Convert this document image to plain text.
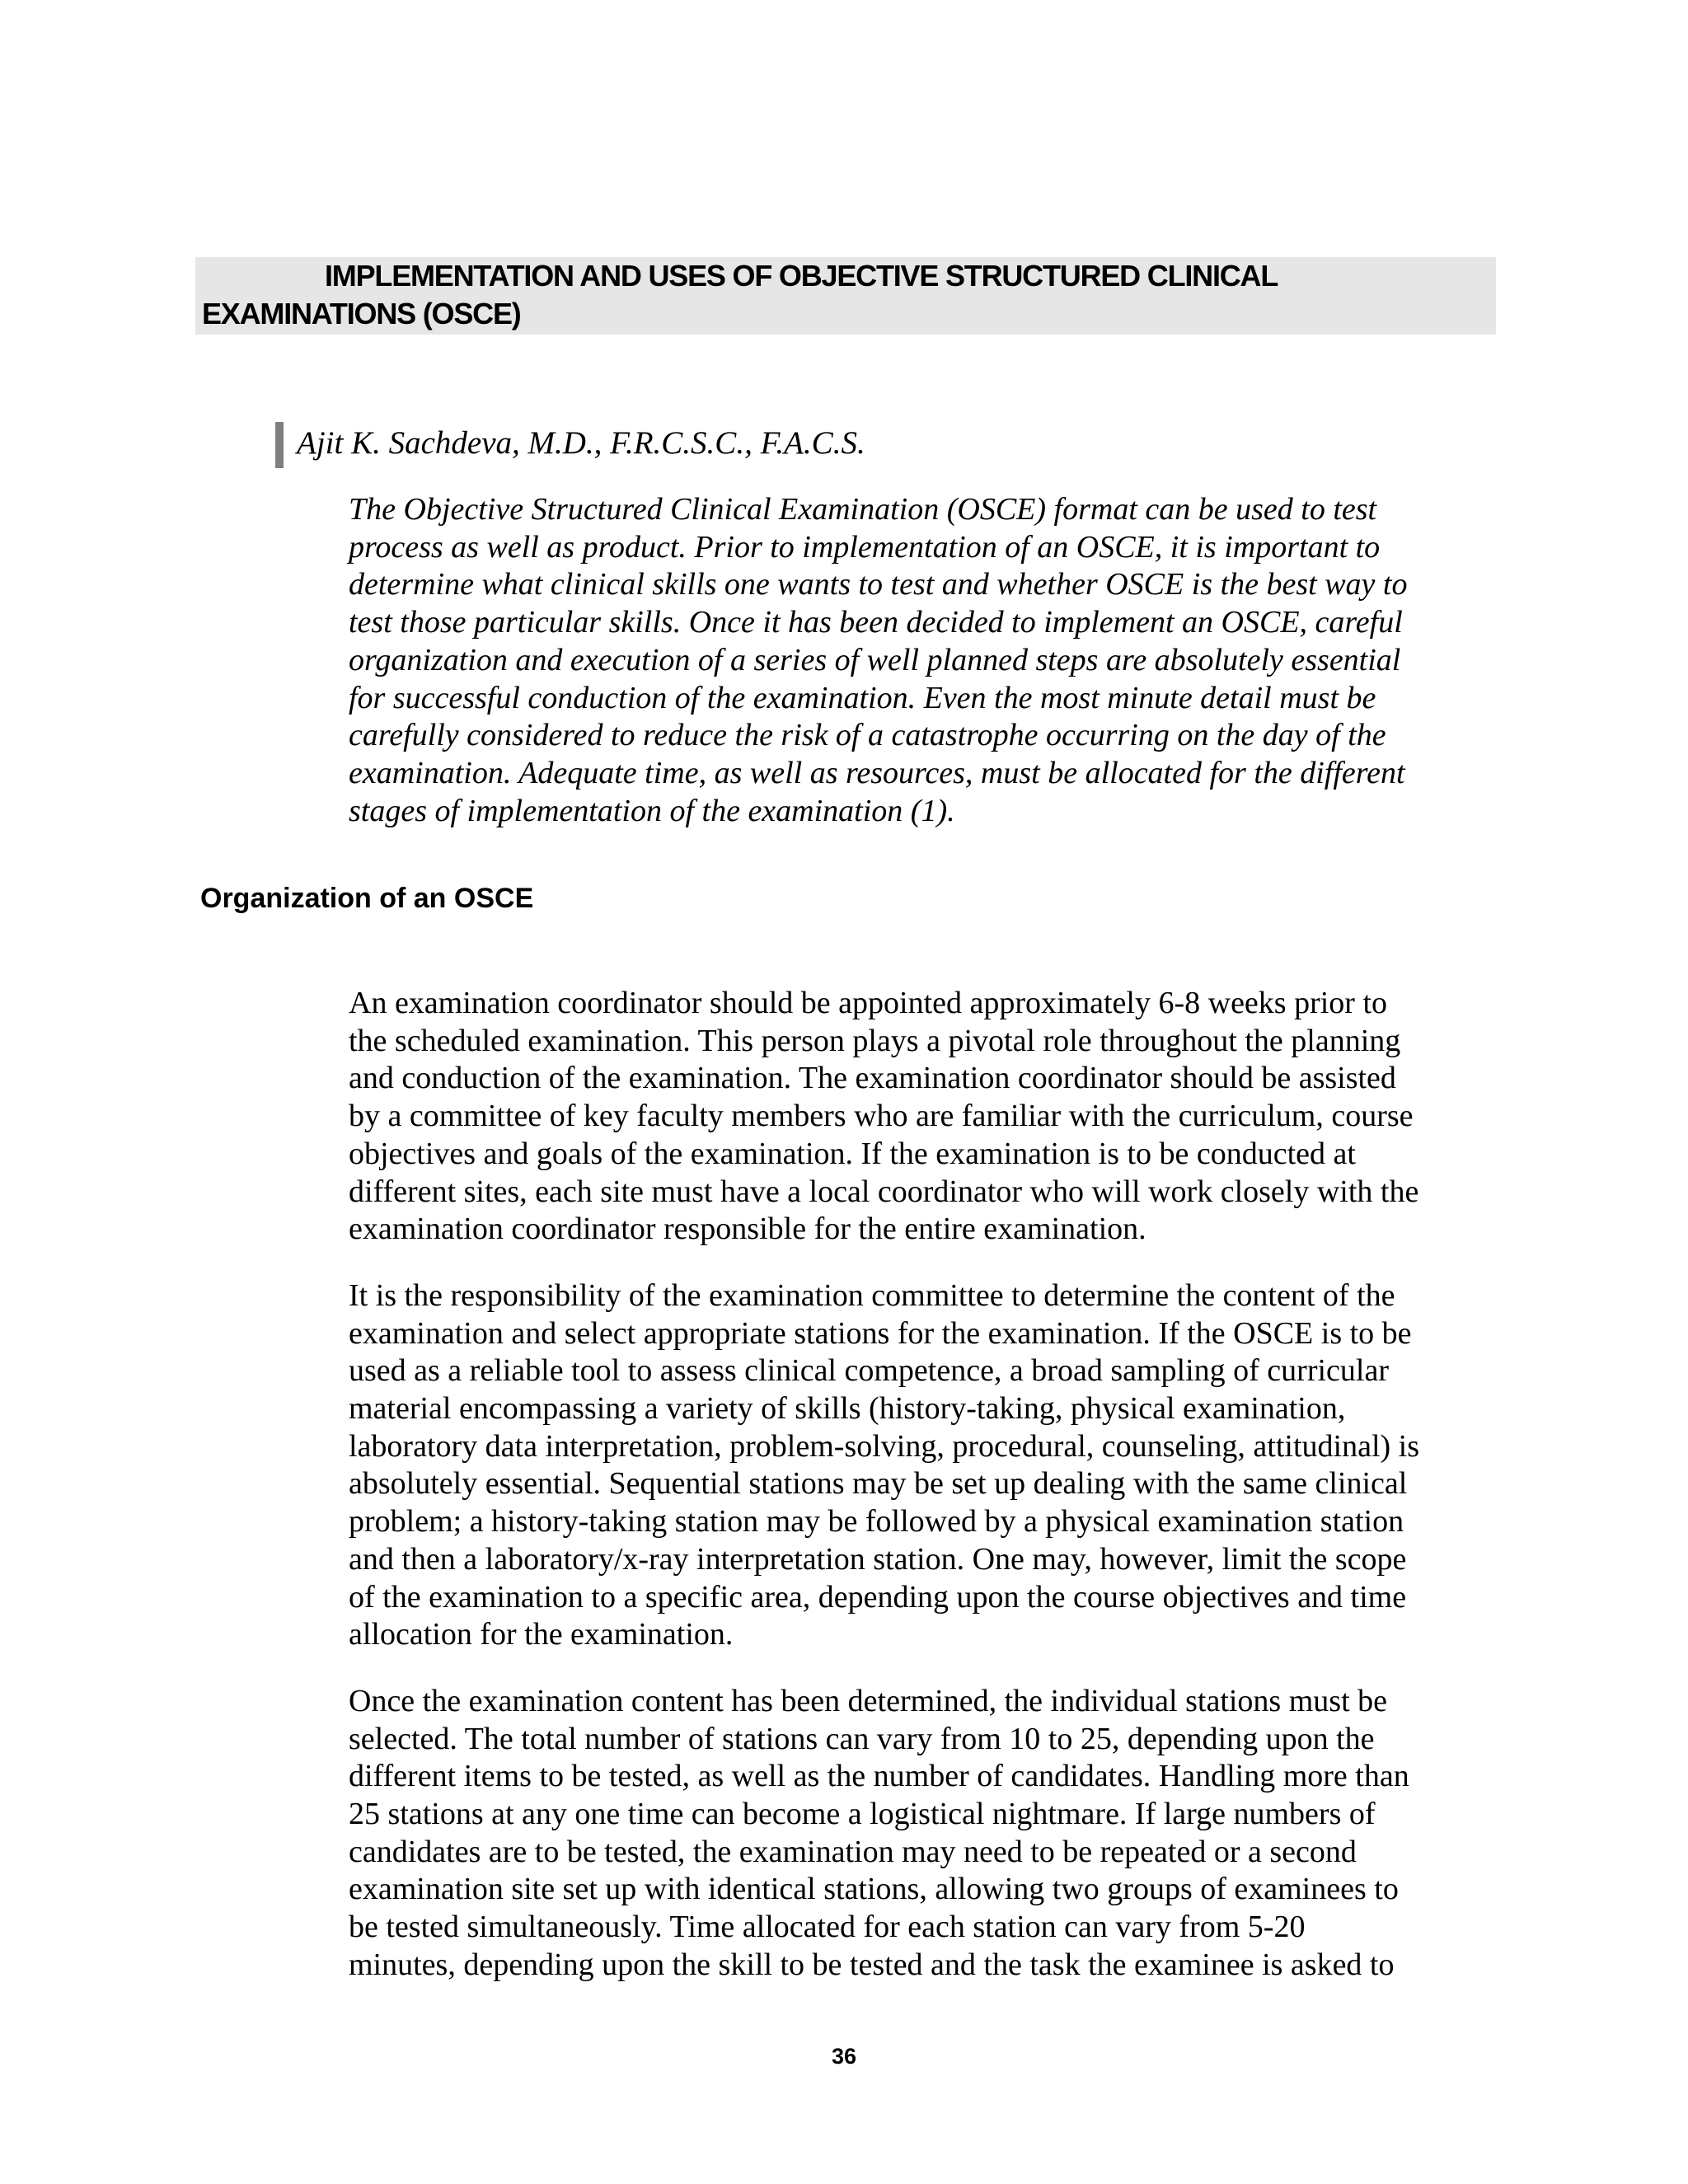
IMPLEMENTATION AND USES OF OBJECTIVE STRUCTURED CLINICAL
EXAMINATIONS (OSCE)
Ajit K. Sachdeva, M.D., F.R.C.S.C., F.A.C.S.
The Objective Structured Clinical Examination (OSCE) format can be used to test
process as well as product. Prior to implementation of an OSCE, it is important to
determine what clinical skills one wants to test and whether OSCE is the best way to
test those particular skills. Once it has been decided to implement an OSCE, careful
organization and execution of a series of well planned steps are absolutely essential
for successful conduction of the examination. Even the most minute detail must be
carefully considered to reduce the risk of a catastrophe occurring on the day of the
examination. Adequate time, as well as resources, must be allocated for the different
stages of implementation of the examination (1).
Organization of an OSCE
An examination coordinator should be appointed approximately 6-8 weeks prior to
the scheduled examination. This person plays a pivotal role throughout the planning
and conduction of the examination. The examination coordinator should be assisted
by a committee of key faculty members who are familiar with the curriculum, course
objectives and goals of the examination. If the examination is to be conducted at
different sites, each site must have a local coordinator who will work closely with the
examination coordinator responsible for the entire examination.
It is the responsibility of the examination committee to determine the content of the
examination and select appropriate stations for the examination. If the OSCE is to be
used as a reliable tool to assess clinical competence, a broad sampling of curricular
material encompassing a variety of skills (history-taking, physical examination,
laboratory data interpretation, problem-solving, procedural, counseling, attitudinal) is
absolutely essential. Sequential stations may be set up dealing with the same clinical
problem; a history-taking station may be followed by a physical examination station
and then a laboratory/x-ray interpretation station. One may, however, limit the scope
of the examination to a specific area, depending upon the course objectives and time
allocation for the examination.
Once the examination content has been determined, the individual stations must be
selected. The total number of stations can vary from 10 to 25, depending upon the
different items to be tested, as well as the number of candidates. Handling more than
25 stations at any one time can become a logistical nightmare. If large numbers of
candidates are to be tested, the examination may need to be repeated or a second
examination site set up with identical stations, allowing two groups of examinees to
be tested simultaneously. Time allocated for each station can vary from 5-20
minutes, depending upon the skill to be tested and the task the examinee is asked to
36
